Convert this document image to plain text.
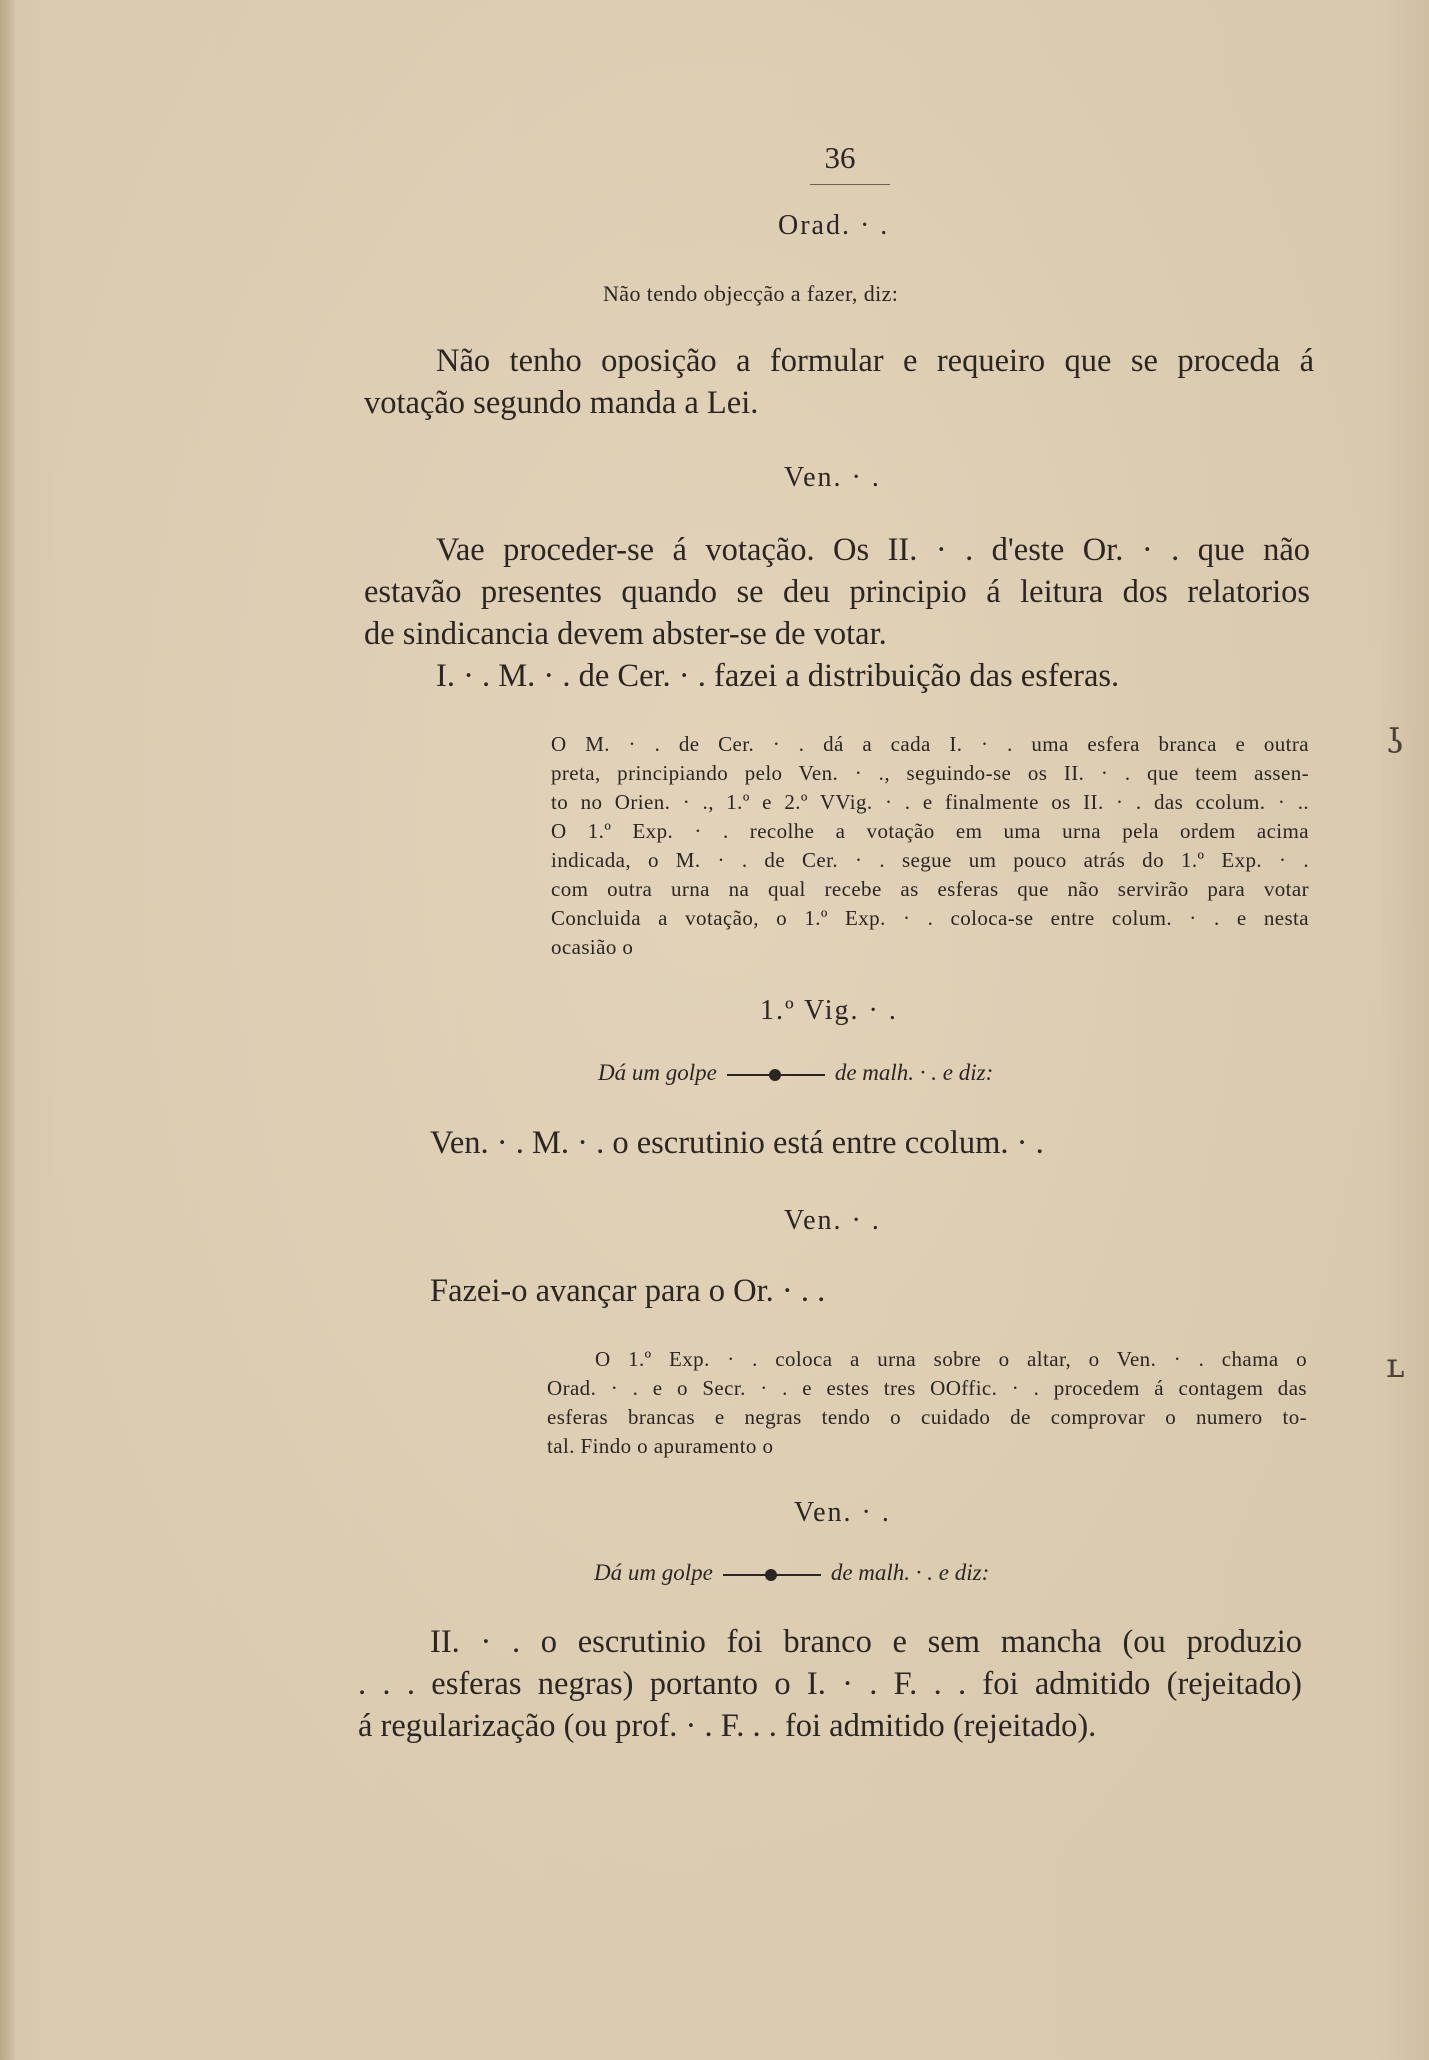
36
Orad. · .
Não tendo objecção a fazer, diz:
Não tenho oposição a formular e requeiro que se proceda á
votação segundo manda a Lei.
Ven. · .
Vae proceder-se á votação. Os II. · . d'este Or. · . que não
estavão presentes quando se deu principio á leitura dos relatorios
de sindicancia devem abster-se de votar.
I. · . M. · . de Cer. · . fazei a distribuição das esferas.
O M. · . de Cer. · . dá a cada I. · . uma esfera branca e outra
preta, principiando pelo Ven. · ., seguindo-se os II. · . que teem assen-
to no Orien. · ., 1.º e 2.º VVig. · . e finalmente os II. · . das ccolum. · ..
O 1.º Exp. · . recolhe a votação em uma urna pela ordem acima
indicada, o M. · . de Cer. · . segue um pouco atrás do 1.º Exp. · .
com outra urna na qual recebe as esferas que não servirão para votar
Concluida a votação, o 1.º Exp. · . coloca-se entre colum. · . e nesta
ocasião o
1.º Vig. · .
Dá um golpe	de malh. · . e diz:
Ven. · . M. · . o escrutinio está entre ccolum. · .
Ven. · .
Fazei-o avançar para o Or. · . .
O 1.º Exp. · . coloca a urna sobre o altar, o Ven. · . chama o
Orad. · . e o Secr. · . e estes tres OOffic. · . procedem á contagem das
esferas brancas e negras tendo o cuidado de comprovar o numero to-
tal. Findo o apuramento o
Ven. · .
Dá um golpe	de malh. · . e diz:
II. · . o escrutinio foi branco e sem mancha (ou produzio
. . . esferas negras) portanto o I. · . F. . . foi admitido (rejeitado)
á regularização (ou prof. · . F. . . foi admitido (rejeitado).
ʖ
ʟ
